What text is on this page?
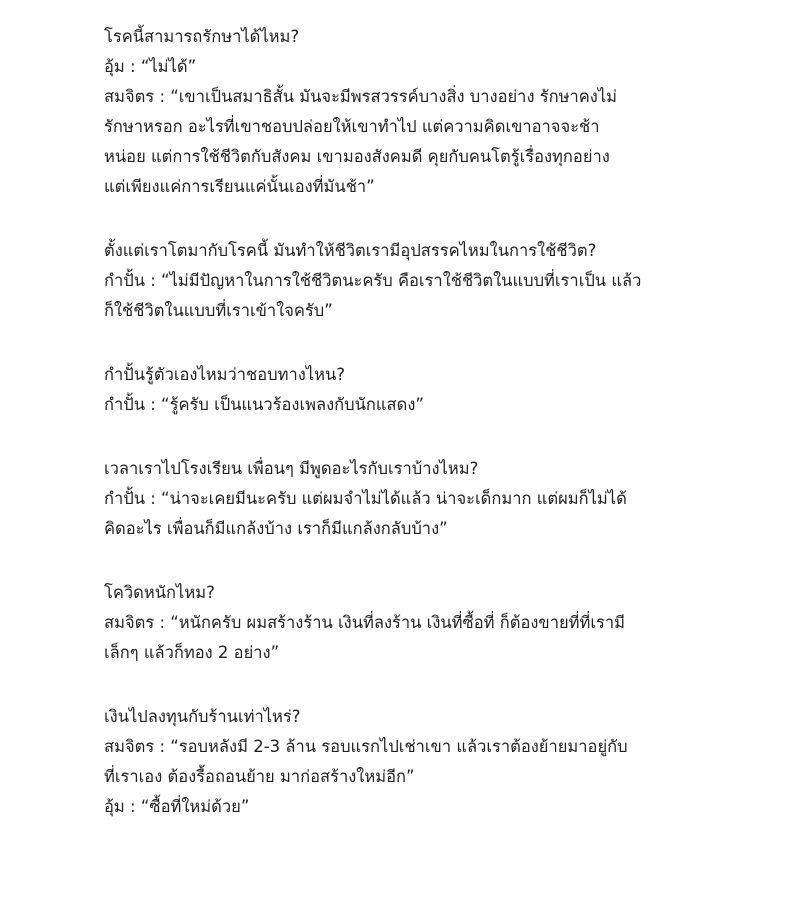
โรคนี้สามารถรักษาได้ไหม?
อุ้ม : “ไม่ได้”
สมจิตร : “เขาเป็นสมาธิสั้น มันจะมีพรสวรรค์บางสิ่ง บางอย่าง รักษาคงไม่
รักษาหรอก อะไรที่เขาชอบปล่อยให้เขาทำไป แต่ความคิดเขาอาจจะช้า
หน่อย แต่การใช้ชีวิตกับสังคม เขามองสังคมดี คุยกับคนโตรู้เรื่องทุกอย่าง
แต่เพียงแค่การเรียนแค่นั้นเองที่มันช้า”
ตั้งแต่เราโตมากับโรคนี้ มันทำให้ชีวิตเรามีอุปสรรคไหมในการใช้ชีวิต?
กำปั้น : “ไม่มีปัญหาในการใช้ชีวิตนะครับ คือเราใช้ชีวิตในแบบที่เราเป็น แล้ว
ก็ใช้ชีวิตในแบบที่เราเข้าใจครับ”
กำปั้นรู้ตัวเองไหมว่าชอบทางไหน?
กำปั้น : “รู้ครับ เป็นแนวร้องเพลงกับนักแสดง”
เวลาเราไปโรงเรียน เพื่อนๆ มีพูดอะไรกับเราบ้างไหม?
กำปั้น : “น่าจะเคยมีนะครับ แต่ผมจำไม่ได้แล้ว น่าจะเด็กมาก แต่ผมก็ไม่ได้
คิดอะไร เพื่อนก็มีแกล้งบ้าง เราก็มีแกล้งกลับบ้าง”
โควิดหนักไหม?
สมจิตร : “หนักครับ ผมสร้างร้าน เงินที่ลงร้าน เงินที่ซื้อที่ ก็ต้องขายที่ที่เรามี
เล็กๆ แล้วก็ทอง 2 อย่าง”
เงินไปลงทุนกับร้านเท่าไหร่?
สมจิตร : “รอบหลังมี 2-3 ล้าน รอบแรกไปเช่าเขา แล้วเราต้องย้ายมาอยู่กับ
ที่เราเอง ต้องรื้อถอนย้าย มาก่อสร้างใหม่อีก”
อุ้ม : “ซื้อที่ใหม่ด้วย”
